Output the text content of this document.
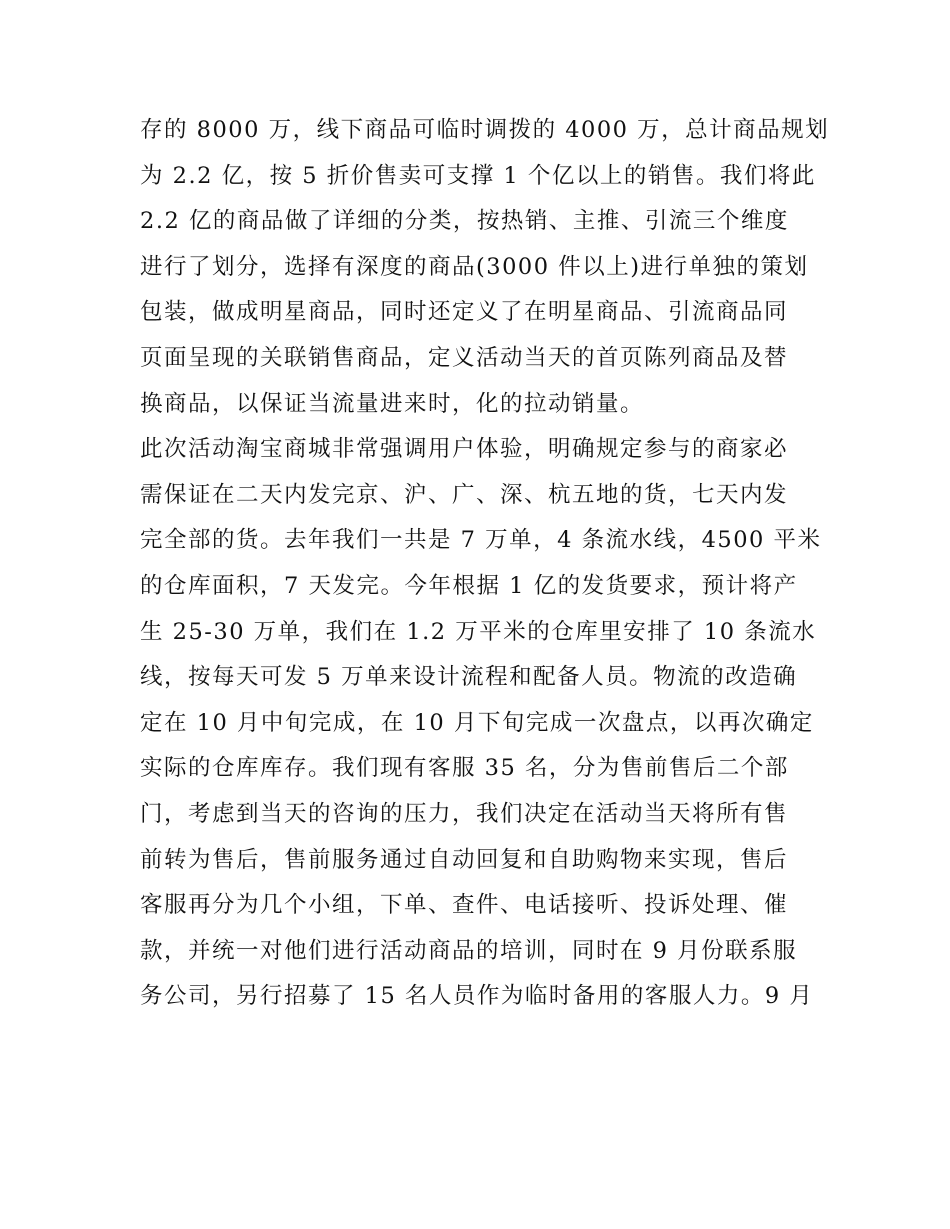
存的 8000 万，线下商品可临时调拨的 4000 万，总计商品规划
为 2.2 亿，按 5 折价售卖可支撑 1 个亿以上的销售。我们将此
2.2 亿的商品做了详细的分类，按热销、主推、引流三个维度
进行了划分，选择有深度的商品(3000 件以上)进行单独的策划
包装，做成明星商品，同时还定义了在明星商品、引流商品同
页面呈现的关联销售商品，定义活动当天的首页陈列商品及替
换商品，以保证当流量进来时，化的拉动销量。
此次活动淘宝商城非常强调用户体验，明确规定参与的商家必
需保证在二天内发完京、沪、广、深、杭五地的货，七天内发
完全部的货。去年我们一共是 7 万单，4 条流水线，4500 平米
的仓库面积，7 天发完。今年根据 1 亿的发货要求，预计将产
生 25-30 万单，我们在 1.2 万平米的仓库里安排了 10 条流水
线，按每天可发 5 万单来设计流程和配备人员。物流的改造确
定在 10 月中旬完成，在 10 月下旬完成一次盘点，以再次确定
实际的仓库库存。我们现有客服 35 名，分为售前售后二个部
门，考虑到当天的咨询的压力，我们决定在活动当天将所有售
前转为售后，售前服务通过自动回复和自助购物来实现，售后
客服再分为几个小组，下单、查件、电话接听、投诉处理、催
款，并统一对他们进行活动商品的培训，同时在 9 月份联系服
务公司，另行招募了 15 名人员作为临时备用的客服人力。9 月
